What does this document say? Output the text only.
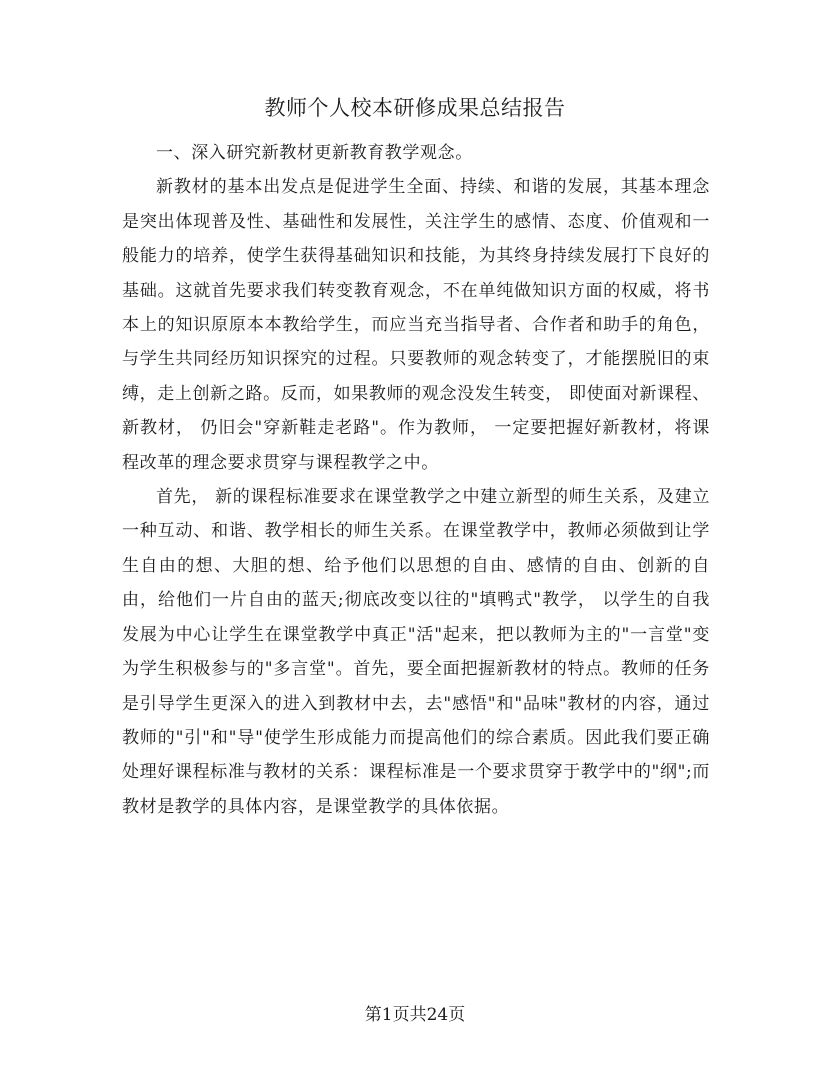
教师个人校本研修成果总结报告

一、深入研究新教材更新教育教学观念。

新教材的基本出发点是促进学生全面、持续、和谐的发展，其基本理念是突出体现普及性、基础性和发展性，关注学生的感情、态度、价值观和一般能力的培养，使学生获得基础知识和技能，为其终身持续发展打下良好的基础。这就首先要求我们转变教育观念，不在单纯做知识方面的权威，将书本上的知识原原本本教给学生，而应当充当指导者、合作者和助手的角色，与学生共同经历知识探究的过程。只要教师的观念转变了，才能摆脱旧的束缚，走上创新之路。反而，如果教师的观念没发生转变， 即使面对新课程、新教材， 仍旧会"穿新鞋走老路"。作为教师， 一定要把握好新教材，将课程改革的理念要求贯穿与课程教学之中。

首先， 新的课程标准要求在课堂教学之中建立新型的师生关系，及建立一种互动、和谐、教学相长的师生关系。在课堂教学中，教师必须做到让学生自由的想、大胆的想、给予他们以思想的自由、感情的自由、创新的自由，给他们一片自由的蓝天;彻底改变以往的"填鸭式"教学， 以学生的自我发展为中心让学生在课堂教学中真正"活"起来，把以教师为主的"一言堂"变为学生积极参与的"多言堂"。首先，要全面把握新教材的特点。教师的任务是引导学生更深入的进入到教材中去，去"感悟"和"品味"教材的内容，通过教师的"引"和"导"使学生形成能力而提高他们的综合素质。因此我们要正确处理好课程标准与教材的关系：课程标准是一个要求贯穿于教学中的"纲";而教材是教学的具体内容，是课堂教学的具体依据。

第1页共24页
